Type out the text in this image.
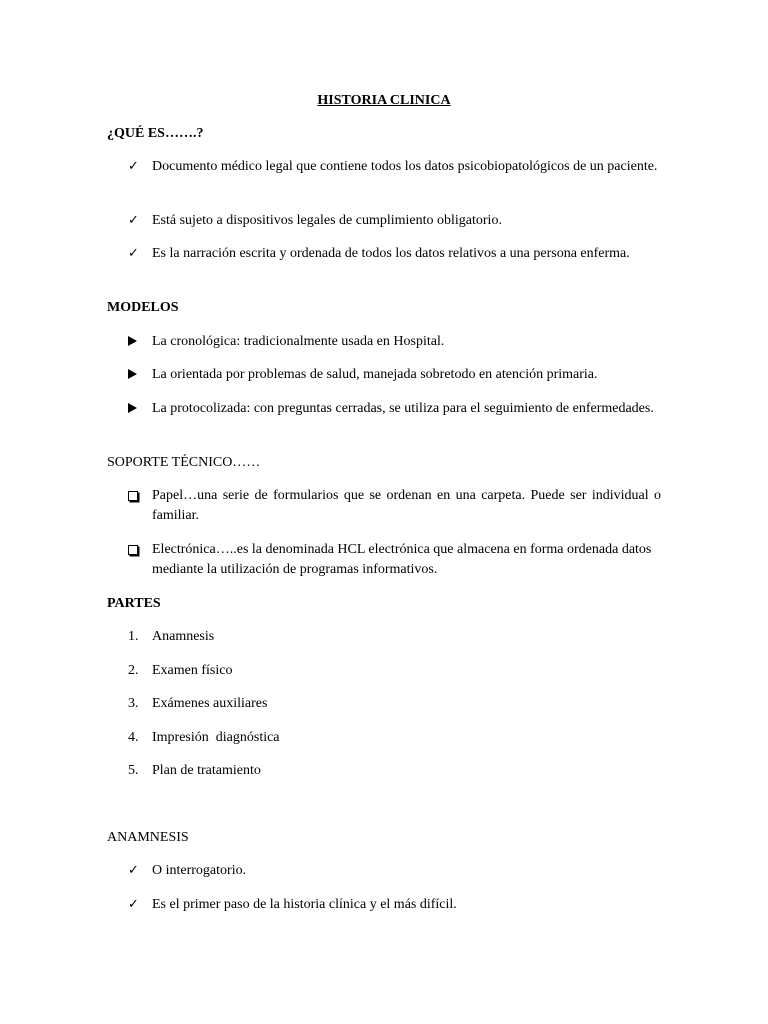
HISTORIA CLINICA
¿QUÉ ES…….?
✓ Documento médico legal que contiene todos los datos psicobiopatológicos de un paciente.
✓ Está sujeto a dispositivos legales de cumplimiento obligatorio.
✓ Es la narración escrita y ordenada de todos los datos relativos a una persona enferma.
MODELOS
La cronológica: tradicionalmente usada en Hospital.
La orientada por problemas de salud, manejada sobretodo en atención primaria.
La protocolizada: con preguntas cerradas, se utiliza para el seguimiento de enfermedades.
SOPORTE TÉCNICO……
Papel…una serie de formularios que se ordenan en una carpeta. Puede ser individual o familiar.
Electrónica…..es la denominada HCL electrónica que almacena en forma ordenada datos mediante la utilización de programas informativos.
PARTES
1. Anamnesis
2. Examen físico
3. Exámenes auxiliares
4. Impresión  diagnóstica
5. Plan de tratamiento
ANAMNESIS
✓ O interrogatorio.
✓ Es el primer paso de la historia clínica y el más difícil.
